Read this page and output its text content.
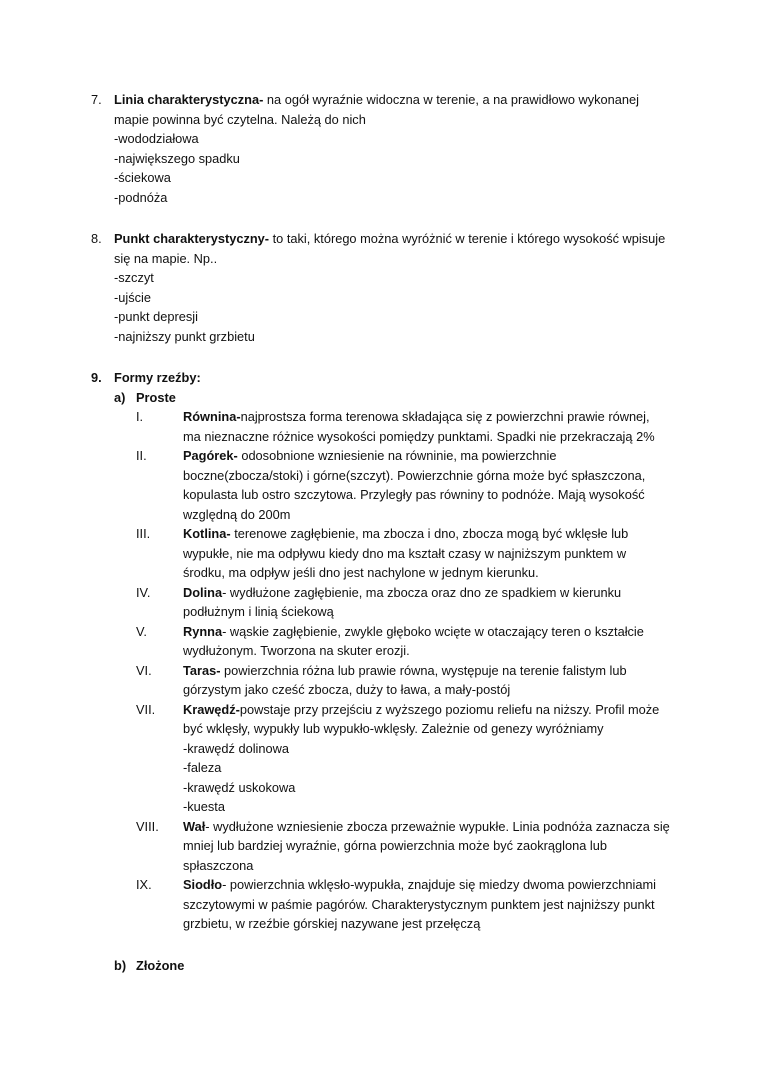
7. Linia charakterystyczna- na ogół wyraźnie widoczna w terenie, a na prawidłowo wykonanej
mapie powinna być czytelna. Należą do nich
-wododziałowa
-największego spadku
-ściekowa
-podnóża
8. Punkt charakterystyczny- to taki, którego można wyróżnić w terenie i którego wysokość wpisuje
się na mapie. Np..
-szczyt
-ujście
-punkt depresji
-najniższy punkt grzbietu
9. Formy rzeźby:
a) Proste
I.	Równina-najprostsza forma terenowa składająca się z powierzchni prawie równej,
ma nieznaczne różnice wysokości pomiędzy punktami. Spadki nie przekraczają 2%
II.	Pagórek- odosobnione wzniesienie na równinie, ma powierzchnie
boczne(zbocza/stoki) i górne(szczyt). Powierzchnie górna może być spłaszczona,
kopulasta lub ostro szczytowa. Przyległy pas równiny to podnóże. Mają wysokość
względną do 200m
III.	Kotlina- terenowe zagłębienie, ma zbocza i dno, zbocza mogą być wklęsłe lub
wypukłe, nie ma odpływu kiedy dno ma kształt czasy w najniższym punktem w
środku, ma odpływ jeśli dno jest nachylone w jednym kierunku.
IV.	Dolina- wydłużone zagłębienie, ma zbocza oraz dno ze spadkiem w kierunku
podłużnym i linią ściekową
V.	Rynna- wąskie zagłębienie, zwykle głęboko wcięte w otaczający teren o kształcie
wydłużonym. Tworzona na skuter erozji.
VI. Taras- powierzchnia różna lub prawie równa, występuje na terenie falistym lub
górzystym jako cześć zbocza, duży to ława, a mały-postój
VII. Krawędź-powstaje przy przejściu z wyższego poziomu reliefu na niższy. Profil może
być wklęsły, wypukły lub wypukło-wklęsły. Zależnie od genezy wyróżniamy
-krawędź dolinowa
-faleza
-krawędź uskokowa
-kuesta
VIII. Wał- wydłużone wzniesienie zbocza przeważnie wypukłe. Linia podnóża zaznacza się
mniej lub bardziej wyraźnie, górna powierzchnia może być zaokrąglona lub
spłaszczona
IX. Siodło- powierzchnia wklęsło-wypukła, znajduje się miedzy dwoma powierzchniami
szczytowymi w paśmie pagórów. Charakterystycznym punktem jest najniższy punkt
grzbietu, w rzeźbie górskiej nazywane jest przełęczą
b) Złożone
